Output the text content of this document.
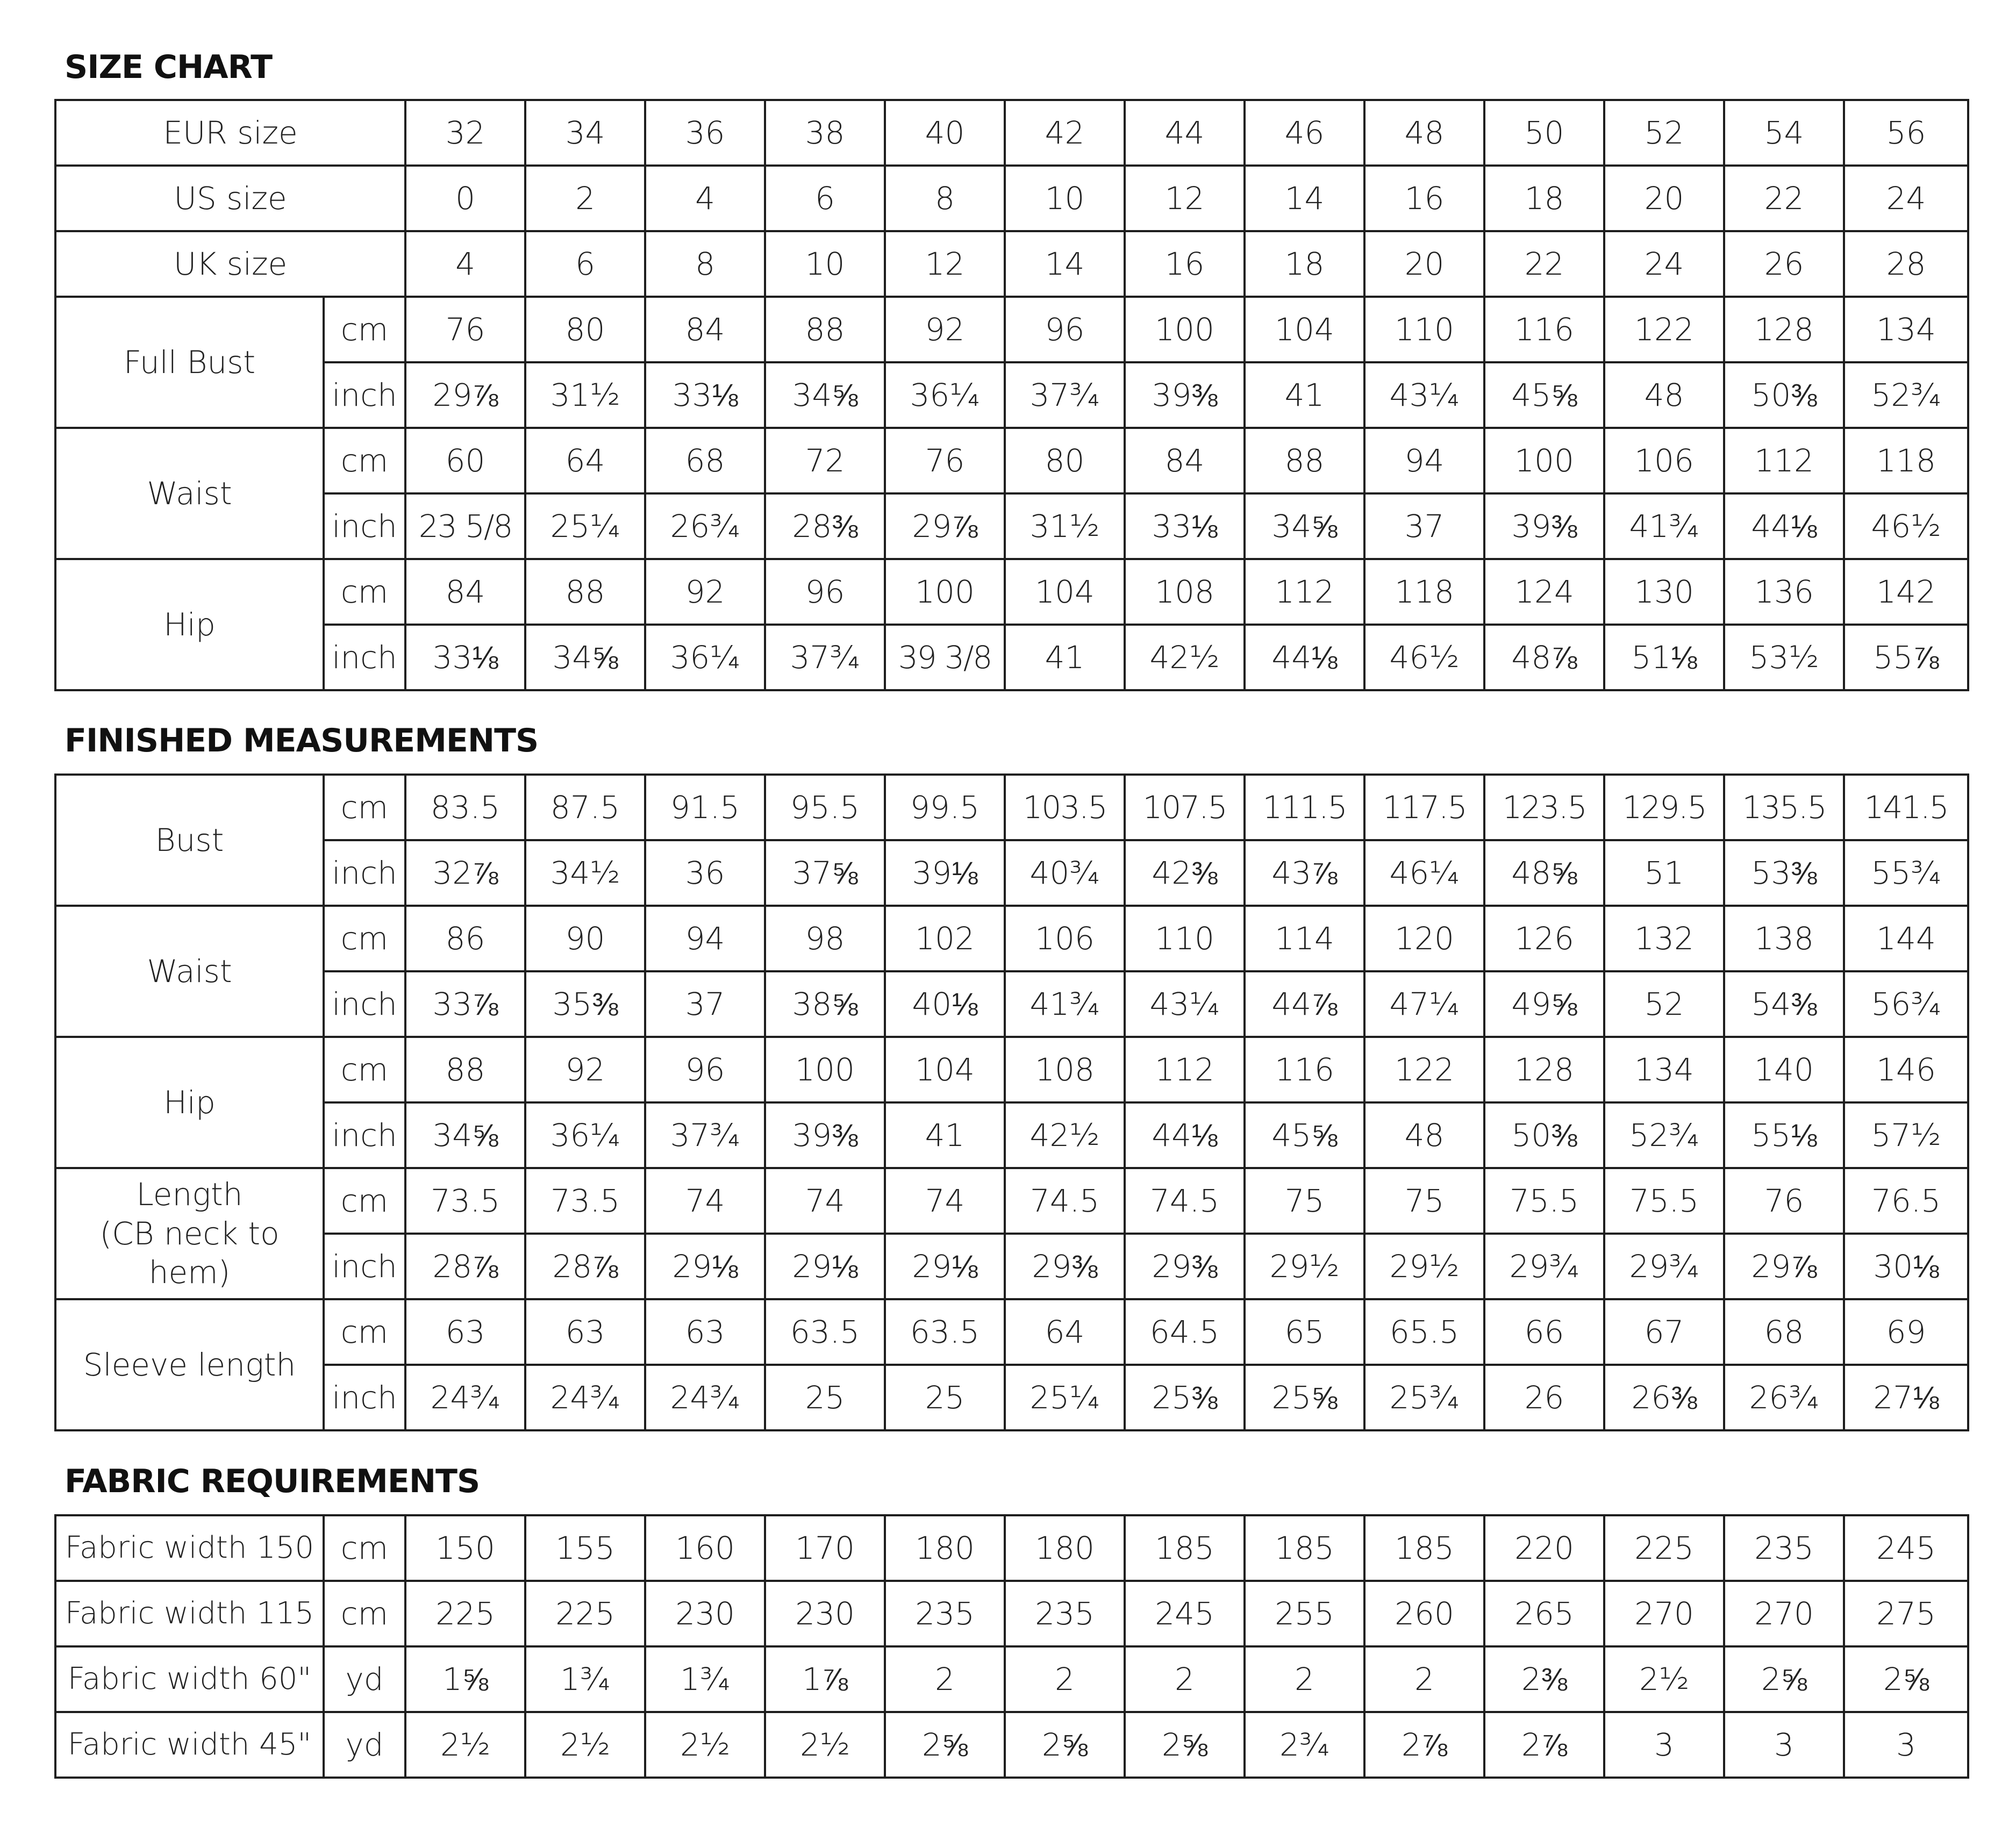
SIZE CHART
EUR size		32	34	36	38	40	42	44	46	48	50	52	54	56
US size		0	2	4	6	8	10	12	14	16	18	20	22	24
UK size		4	6	8	10	12	14	16	18	20	22	24	26	28

Full Bust	cm	76	80	84	88	92	96	100	104	110	116	122	128	134
	inch	29⅞	31½	33⅛	34⅝	36¼	37¾	39⅜	41	43¼	45⅝	48	50⅜	52¾

Waist	cm	60	64	68	72	76	80	84	88	94	100	106	112	118
	inch	23 5/8	25¼	26¾	28⅜	29⅞	31½	33⅛	34⅝	37	39⅜	41¾	44⅛	46½

Hip	cm	84	88	92	96	100	104	108	112	118	124	130	136	142
	inch	33⅛	34⅝	36¼	37¾	39 3/8	41	42½	44⅛	46½	48⅞	51⅛	53½	55⅞
FINISHED MEASUREMENTS
Bust	cm	83.5	87.5	91.5	95.5	99.5	103.5	107.5	111.5	117.5	123.5	129.5	135.5	141.5
	inch	32⅞	34½	36	37⅝	39⅛	40¾	42⅜	43⅞	46¼	48⅝	51	53⅜	55¾

Waist	cm	86	90	94	98	102	106	110	114	120	126	132	138	144
	inch	33⅞	35⅜	37	38⅝	40⅛	41¾	43¼	44⅞	47¼	49⅝	52	54⅜	56¾

Hip	cm	88	92	96	100	104	108	112	116	122	128	134	140	146
	inch	34⅝	36¼	37¾	39⅜	41	42½	44⅛	45⅝	48	50⅜	52¾	55⅛	57½

Length
(CB neck to hem)	cm	73.5	73.5	74	74	74	74.5	74.5	75	75	75.5	75.5	76	76.5
	inch	28⅞	28⅞	29⅛	29⅛	29⅛	29⅜	29⅜	29½	29½	29¾	29¾	29⅞	30⅛

Sleeve length	cm	63	63	63	63.5	63.5	64	64.5	65	65.5	66	67	68	69
	inch	24¾	24¾	24¾	25	25	25¼	25⅜	25⅝	25¾	26	26⅜	26¾	27⅛
FABRIC REQUIREMENTS
Fabric width 150	cm	150	155	160	170	180	180	185	185	185	220	225	235	245
Fabric width 115	cm	225	225	230	230	235	235	245	255	260	265	270	270	275
Fabric width 60"	yd	1⅝	1¾	1¾	1⅞	2	2	2	2	2	2⅜	2½	2⅝	2⅝
Fabric width 45"	yd	2½	2½	2½	2½	2⅝	2⅝	2⅝	2¾	2⅞	2⅞	3	3	3
